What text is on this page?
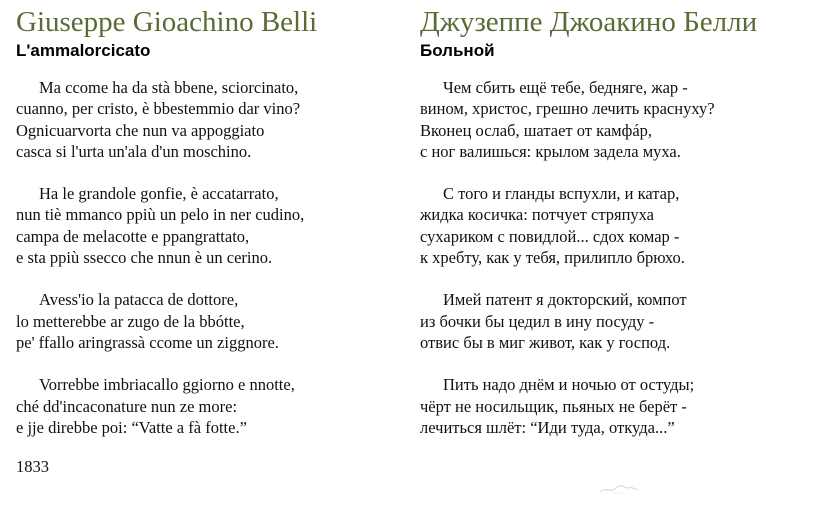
Giuseppe Gioachino Belli
L'ammalorcicato
Ma ccome ha da stà bbene, sciorcinato,
cuanno, per cristo, è bbestemmio dar vino?
Ognicuarvorta che nun va appoggiato
casca si l'urta un'ala d'un moschino.
Ha le grandole gonfie, è accatarrato,
nun tiè mmanco ppiù un pelo in ner cudino,
campa de melacotte e ppangrattato,
e sta ppiù ssecco che nnun è un cerino.
Avess'io la patacca de dottore,
lo metterebbe ar zugo de la bbótte,
pe' ffallo aringrassà ccome un ziggnore.
Vorrebbe imbriacallo ggiorno e nnotte,
ché dd'incaconature nun ze more:
e jje direbbe poi: “Vatte a fà fotte.”
1833
Джузеппе Джоакино Белли
Больной
Чем сбить ещё тебе, бедняге, жар -
вином, христос, грешно лечить краснуху?
Вконец ослаб, шатает от камфáр,
с ног валишься: крылом задела муха.
С того и гланды вспухли, и катар,
жидка косичка: потчует стряпуха
сухариком с повидлой... сдох комар -
к хребту, как у тебя, прилипло брюхо.
Имей патент я докторский, компот
из бочки бы цедил в ину посуду -
отвис бы в миг живот, как у господ.
Пить надо днём и ночью от остуды;
чёрт не носильщик, пьяных не берёт -
лечиться шлёт: “Иди туда, откуда...”
